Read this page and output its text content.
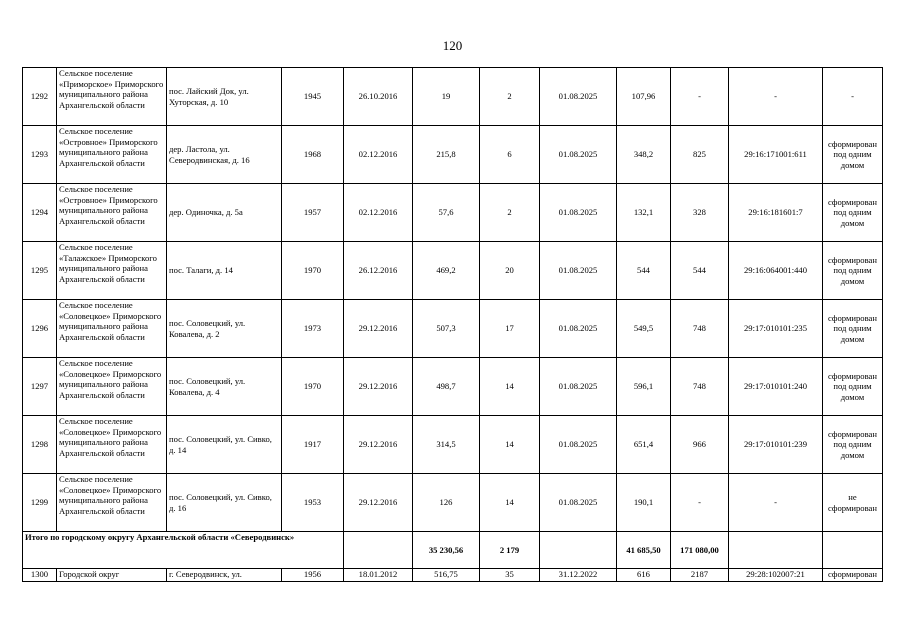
120
1292	Сельское поселение «Приморское» Приморского муниципального района Архангельской области	пос. Лайский Док, ул. Хуторская, д. 10	1945	26.10.2016	19	2	01.08.2025	107,96	-	-	-
1293	Сельское поселение «Островное» Приморского муниципального района Архангельской области	дер. Ластола, ул. Северодвинская, д. 16	1968	02.12.2016	215,8	6	01.08.2025	348,2	825	29:16:171001:611	сформирован под одним домом
1294	Сельское поселение «Островное» Приморского муниципального района Архангельской области	дер. Одиночка, д. 5а	1957	02.12.2016	57,6	2	01.08.2025	132,1	328	29:16:181601:7	сформирован под одним домом
1295	Сельское поселение «Талажское» Приморского муниципального района Архангельской области	пос. Талаги, д. 14	1970	26.12.2016	469,2	20	01.08.2025	544	544	29:16:064001:440	сформирован под одним домом
1296	Сельское поселение «Соловецкое» Приморского муниципального района Архангельской области	пос. Соловецкий, ул. Ковалева, д. 2	1973	29.12.2016	507,3	17	01.08.2025	549,5	748	29:17:010101:235	сформирован под одним домом
1297	Сельское поселение «Соловецкое» Приморского муниципального района Архангельской области	пос. Соловецкий, ул. Ковалева, д. 4	1970	29.12.2016	498,7	14	01.08.2025	596,1	748	29:17:010101:240	сформирован под одним домом
1298	Сельское поселение «Соловецкое» Приморского муниципального района Архангельской области	пос. Соловецкий, ул. Сивко, д. 14	1917	29.12.2016	314,5	14	01.08.2025	651,4	966	29:17:010101:239	сформирован под одним домом
1299	Сельское поселение «Соловецкое» Приморского муниципального района Архангельской области	пос. Соловецкий, ул. Сивко, д. 16	1953	29.12.2016	126	14	01.08.2025	190,1	-	-	не сформирован
Итого по городскому округу Архангельской области «Северодвинск»					35 230,56	2 179		41 685,50	171 080,00		
1300	Городской округ	г. Северодвинск, ул.	1956	18.01.2012	516,75	35	31.12.2022	616	2187	29:28:102007:21	сформирован
